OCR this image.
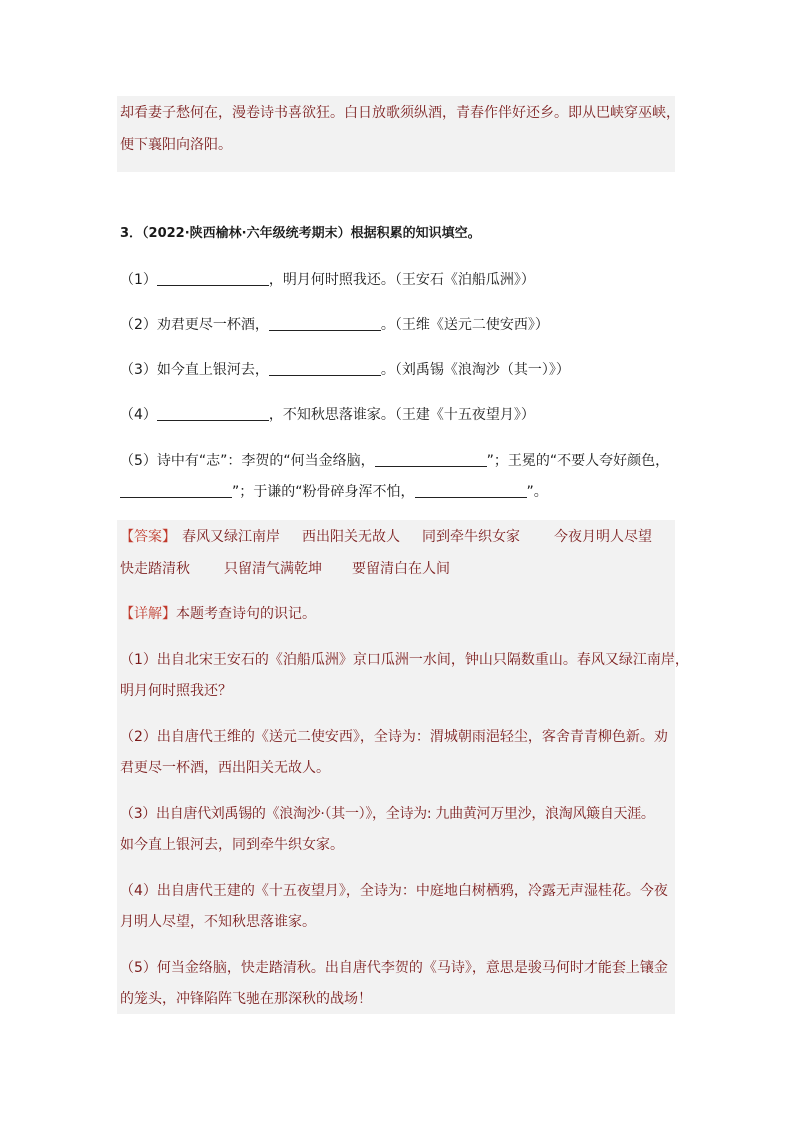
却看妻子愁何在，漫卷诗书喜欲狂。白日放歌须纵酒，青春作伴好还乡。即从巴峡穿巫峡，
便下襄阳向洛阳。
3．（2022·陕西榆林·六年级统考期末）根据积累的知识填空。
（1）	，明月何时照我还。（王安石《泊船瓜洲》）
（2）劝君更尽一杯酒，	。（王维《送元二使安西》）
（3）如今直上银河去，	。（刘禹锡《浪淘沙（其一）》）
（4）	，不知秋思落谁家。（王建《十五夜望月》）
（5）诗中有“志”：李贺的“何当金络脑，	”；王冕的“不要人夸好颜色，
”；于谦的“粉骨碎身浑不怕，	”。
【答案】 春风又绿江南岸 西出阳关无故人 同到牵牛织女家 今夜月明人尽望
快走踏清秋 只留清气满乾坤 要留清白在人间
【详解】本题考查诗句的识记。
（1）出自北宋王安石的《泊船瓜洲》京口瓜洲一水间，钟山只隔数重山。春风又绿江南岸，
明月何时照我还？
（2）出自唐代王维的《送元二使安西》，全诗为：渭城朝雨浥轻尘，客舍青青柳色新。劝
君更尽一杯酒，西出阳关无故人。
（3）出自唐代刘禹锡的《浪淘沙·（其一）》，全诗为: 九曲黄河万里沙，浪淘风簸自天涯。
如今直上银河去，同到牵牛织女家。
（4）出自唐代王建的《十五夜望月》，全诗为：中庭地白树栖鸦，冷露无声湿桂花。今夜
月明人尽望，不知秋思落谁家。
（5）何当金络脑，快走踏清秋。出自唐代李贺的《马诗》，意思是骏马何时才能套上镶金
的笼头，冲锋陷阵飞驰在那深秋的战场！
